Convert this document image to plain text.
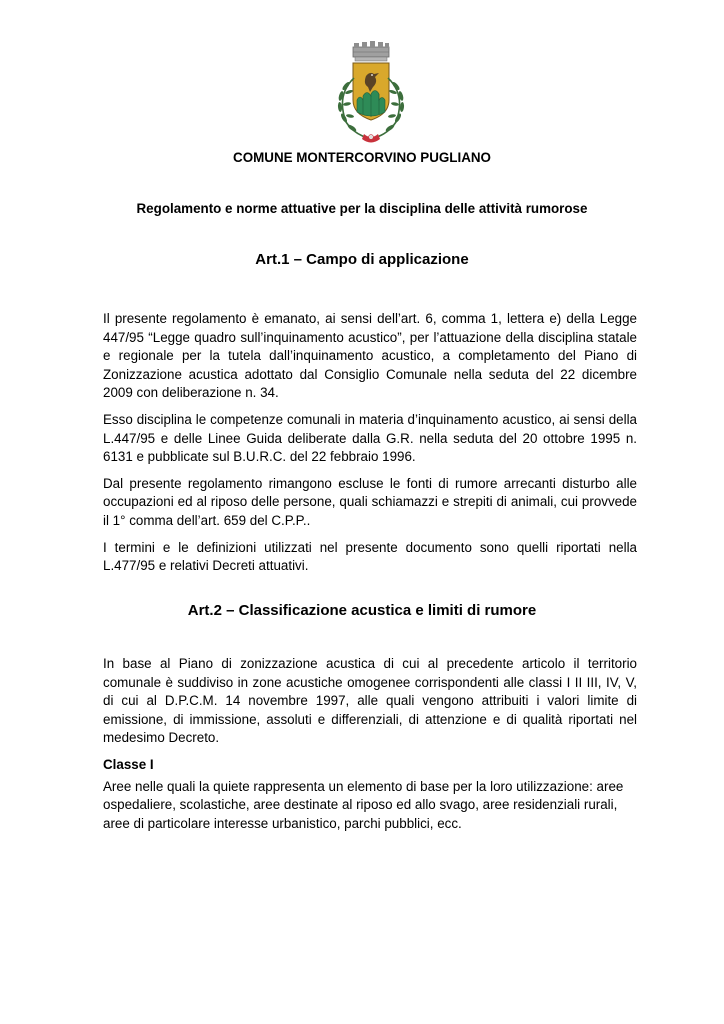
COMUNE MONTERCORVINO PUGLIANO
Regolamento e norme attuative per la disciplina delle attività rumorose
Art.1 – Campo di applicazione

Il presente regolamento è emanato, ai sensi dell’art. 6, comma 1, lettera e) della Legge 447/95 “Legge quadro sull’inquinamento acustico”, per l’attuazione della disciplina statale e regionale per la tutela dall’inquinamento acustico, a completamento del Piano di Zonizzazione acustica adottato dal Consiglio Comunale nella seduta del 22 dicembre 2009 con deliberazione n. 34.

Esso disciplina le competenze comunali in materia d’inquinamento acustico, ai sensi della L.447/95 e delle Linee Guida deliberate dalla G.R. nella seduta del 20 ottobre 1995 n. 6131 e pubblicate sul B.U.R.C. del 22 febbraio 1996.

Dal presente regolamento rimangono escluse le fonti di rumore arrecanti disturbo alle occupazioni ed al riposo delle persone, quali schiamazzi e strepiti di animali, cui provvede il 1° comma dell’art. 659 del C.P.P..

I termini e le definizioni utilizzati nel presente documento sono quelli riportati nella L.477/95 e relativi Decreti attuativi.

Art.2 – Classificazione acustica e limiti di rumore

In base al Piano di zonizzazione acustica di cui al precedente articolo il territorio comunale è suddiviso in zone acustiche omogenee corrispondenti alle classi I II III, IV, V, di cui al D.P.C.M. 14 novembre 1997, alle quali vengono attribuiti i valori limite di emissione, di immissione, assoluti e differenziali, di attenzione e di qualità riportati nel medesimo Decreto.

Classe I

Aree nelle quali la quiete rappresenta un elemento di base per la loro utilizzazione: aree ospedaliere, scolastiche, aree destinate al riposo ed allo svago, aree residenziali rurali, aree di particolare interesse urbanistico, parchi pubblici, ecc.
